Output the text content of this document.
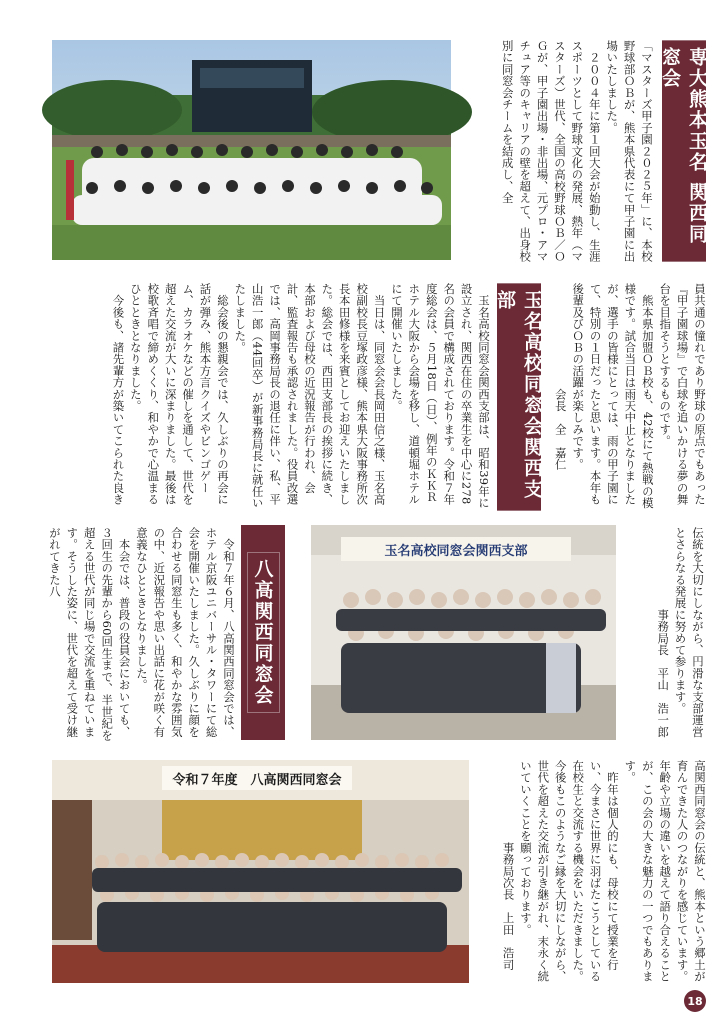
専大熊本玉名 関西同窓会
「マスターズ甲子園２０２５年」に、本校野球部ＯＢが、熊本県代表にて甲子園に出場いたしました。
　２００４年に第１回大会が始動し、生涯スポーツとして野球文化の発展、熱年（マスターズ）世代、全国の高校野球ＯＢ／ＯＧが、甲子園出場・非出場、元プロ・アマチュア等のキャリアの壁を超えて、出身校別に同窓会チームを結成し、全
員共通の憧れであり野球の原点でもあった『甲子園球場』で白球を追いかける夢の舞台を目指そうとするものです。
　熊本県加盟ＯＢ校も、42校にて熱戦の模様です。試合当日は雨天中止となりましたが、選手の皆様にとっては、雨の甲子園にて、特別の１日だったと思います。本年も後輩及びＯＢの活躍が楽しみです。
　　　　　　　　　会長　全　嘉仁
玉名高校同窓会関西支部
　玉名高校同窓会関西支部は、昭和39年に設立され、関西在住の卒業生を中心に278名の会員で構成されております。令和７年度総会は、５月18日（日）、例年のＫＫＲホテル大阪から会場を移し、道頓堀ホテルにて開催いたしました。
　当日は、同窓会会長岡田信之様、玉名高校副校長豆塚政彦様、熊本県大阪事務所次長本田修様を来賓としてお迎えいたしました。総会では、西田支部長の挨拶に続き、本部および母校の近況報告が行われ、会計、監査報告も承認されました。役員改選では、高岡事務局長の退任に伴い、私、平山浩一郎（44回卒）が新事務局長に就任いたしました。
　総会後の懇親会では、久しぶりの再会に話が弾み、熊本方言クイズやビンゴゲーム、カラオケなどの催しを通して、世代を超えた交流が大いに深まりました。最後は校歌斉唱で締めくくり、和やかで心温まるひとときとなりました。
　今後も、諸先輩方が築いてこられた良き
玉名高校同窓会関西支部	伝統を大切にしながら、円滑な支部運営とさらなる発展に努めて参ります。
　　　　　　　事務局長　平山　浩一郎
八高関西同窓会
　令和７年６月、八高関西同窓会では、ホテル京阪ユニバーサル・タワーにて総会を開催いたしました。久しぶりに顔を合わせる同窓生も多く、和やかな雰囲気の中、近況報告や思い出話に花が咲く有意義なひとときとなりました。
　本会では、普段の役員会においても、３回生の先輩から60回生まで、半世紀を超える世代が同じ場で交流を重ねています。そうした姿に、世代を超えて受け継がれてきた八
令和７年度　八高関西同窓会	高関西同窓会の伝統と、熊本という郷土が育んできた人のつながりを感じています。年齢や立場の違いを越えて語り合えることが、この会の大きな魅力の一つでもあります。
　昨年は個人的にも、母校にて授業を行い、今まさに世界に羽ばたこうとしている在校生と交流する機会をいただきました。今後もこのようなご縁を大切にしながら、世代を超えた交流が引き継がれ、末永く続いていくことを願っております。
　　　　　　　事務局次長　上田　浩司
18
